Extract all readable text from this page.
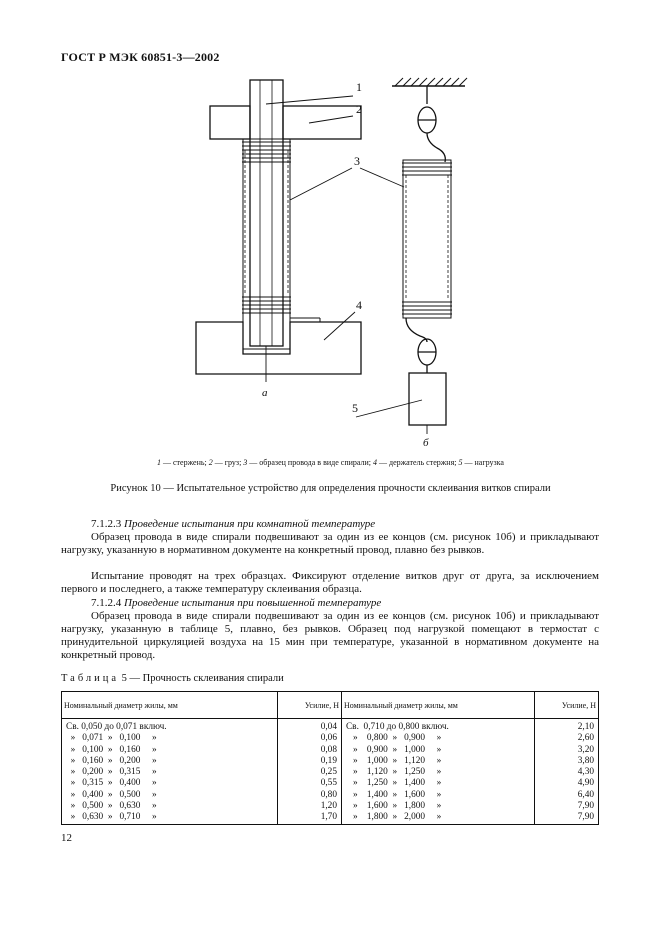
ГОСТ Р МЭК 60851-3—2002
1
2
3
4
5
а
б
1 — стержень; 2 — груз; 3 — образец провода в виде спирали; 4 — держатель стержня; 5 — нагрузка
Рисунок 10 — Испытательное устройство для определения прочности склеивания витков спирали
7.1.2.3 Проведение испытания при комнатной температуре
Образец провода в виде спирали подвешивают за один из ее концов (см. рисунок 10б) и прикладывают нагрузку, указанную в нормативном документе на конкретный провод, плавно без рывков.
Испытание проводят на трех образцах. Фиксируют отделение витков друг от друга, за исключением первого и последнего, а также температуру склеивания образца.
7.1.2.4 Проведение испытания при повышенной температуре
Образец провода в виде спирали подвешивают за один из ее концов (см. рисунок 10б) и прикладывают нагрузку, указанную в таблице 5, плавно, без рывков. Образец под нагрузкой помещают в термостат с принудительной циркуляцией воздуха на 15 мин при температуре, указанной в нормативном документе на конкретный провод.
Таблица 5 — Прочность склеивания спирали
Номинальный диаметр жилы, мм	Усилие, Н	Номинальный диаметр жилы, мм	Усилие, Н
Св. 0,050 до 0,071 включ.	0,04	Св.  0,710 до 0,800 включ.	2,10
»   0,071  »   0,100     »	0,06	»    0,800  »   0,900     »	2,60
»   0,100  »   0,160     »	0,08	»    0,900  »   1,000     »	3,20
»   0,160  »   0,200     »	0,19	»    1,000  »   1,120     »	3,80
»   0,200  »   0,315     »	0,25	»    1,120  »   1,250     »	4,30
»   0,315  »   0,400     »	0,55	»    1,250  »   1,400     »	4,90
»   0,400  »   0,500     »	0,80	»    1,400  »   1,600     »	6,40
»   0,500  »   0,630     »	1,20	»    1,600  »   1,800     »	7,90
»   0,630  »   0,710     »	1,70	»    1,800  »   2,000     »	7,90
12
